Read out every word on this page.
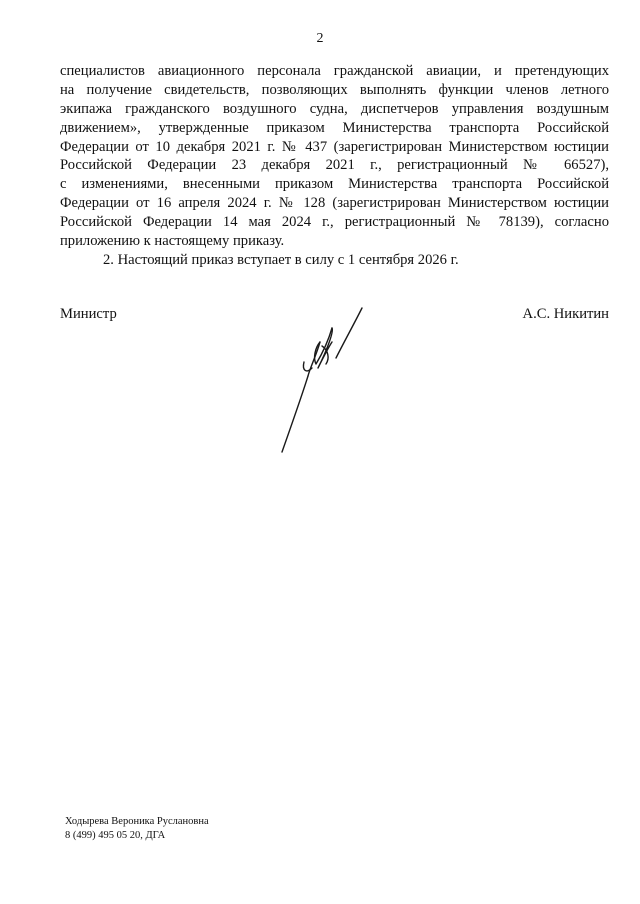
2
специалистов авиационного персонала гражданской авиации, и претендующих
на получение свидетельств, позволяющих выполнять функции членов летного
экипажа гражданского воздушного судна, диспетчеров управления воздушным
движением», утвержденные приказом Министерства транспорта Российской
Федерации от 10 декабря 2021 г. № 437 (зарегистрирован Министерством юстиции
Российской Федерации 23 декабря 2021 г., регистрационный № 66527),
с изменениями, внесенными приказом Министерства транспорта Российской
Федерации от 16 апреля 2024 г. № 128 (зарегистрирован Министерством юстиции
Российской Федерации 14 мая 2024 г., регистрационный № 78139), согласно
приложению к настоящему приказу.
2. Настоящий приказ вступает в силу с 1 сентября 2026 г.
Министр	А.С. Никитин
Ходырева Вероника Руслановна
8 (499) 495 05 20, ДГА
